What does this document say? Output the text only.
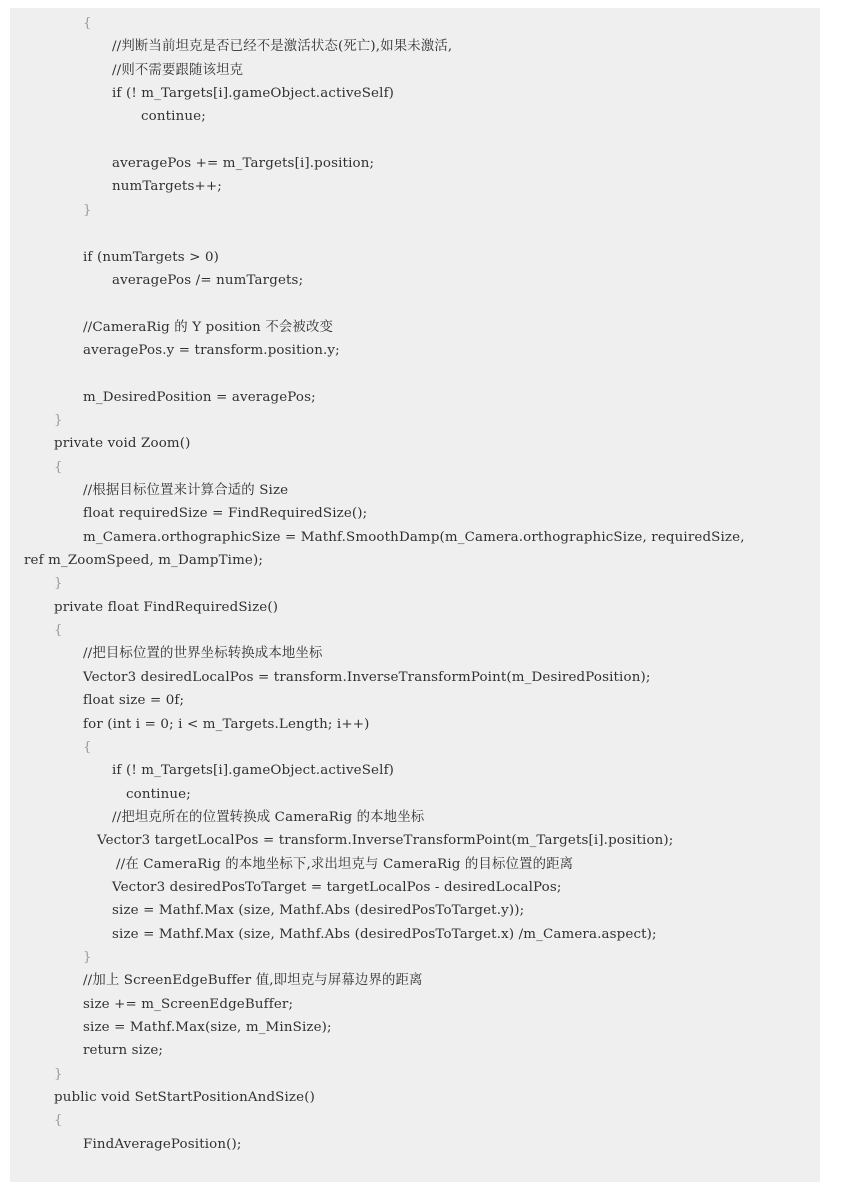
{
//判断当前坦克是否已经不是激活状态(死亡),如果未激活,
//则不需要跟随该坦克
if (! m_Targets[i].gameObject.activeSelf)
continue;
averagePos += m_Targets[i].position;
numTargets++;
}
if (numTargets > 0)
averagePos /= numTargets;
//CameraRig 的 Y position 不会被改变
averagePos.y = transform.position.y;
m_DesiredPosition = averagePos;
}
private void Zoom()
{
//根据目标位置来计算合适的 Size
float requiredSize = FindRequiredSize();
m_Camera.orthographicSize = Mathf.SmoothDamp(m_Camera.orthographicSize, requiredSize,
ref m_ZoomSpeed, m_DampTime);
}
private float FindRequiredSize()
{
//把目标位置的世界坐标转换成本地坐标
Vector3 desiredLocalPos = transform.InverseTransformPoint(m_DesiredPosition);
float size = 0f;
for (int i = 0; i < m_Targets.Length; i++)
{
if (! m_Targets[i].gameObject.activeSelf)
continue;
//把坦克所在的位置转换成 CameraRig 的本地坐标
Vector3 targetLocalPos = transform.InverseTransformPoint(m_Targets[i].position);
//在 CameraRig 的本地坐标下,求出坦克与 CameraRig 的目标位置的距离
Vector3 desiredPosToTarget = targetLocalPos - desiredLocalPos;
size = Mathf.Max (size, Mathf.Abs (desiredPosToTarget.y));
size = Mathf.Max (size, Mathf.Abs (desiredPosToTarget.x) /m_Camera.aspect);
}
//加上 ScreenEdgeBuffer 值,即坦克与屏幕边界的距离
size += m_ScreenEdgeBuffer;
size = Mathf.Max(size, m_MinSize);
return size;
}
public void SetStartPositionAndSize()
{
FindAveragePosition();
